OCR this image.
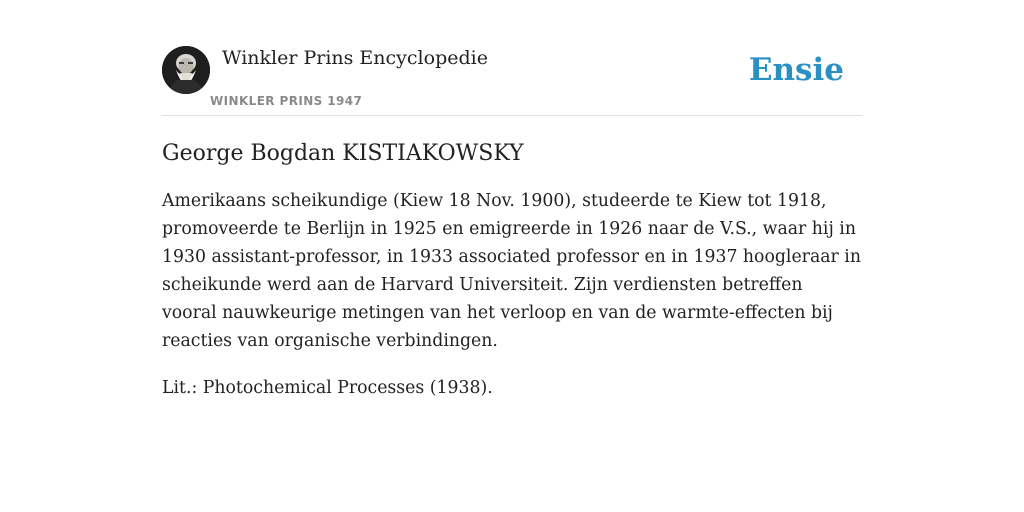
Winkler Prins Encyclopedie
WINKLER PRINS 1947
Ensie
George Bogdan KISTIAKOWSKY

Amerikaans scheikundige (Kiew 18 Nov. 1900), studeerde te Kiew tot 1918, promoveerde te Berlijn in 1925 en emigreerde in 1926 naar de V.S., waar hij in 1930 assistant-professor, in 1933 associated professor en in 1937 hoogleraar in scheikunde werd aan de Harvard Universiteit. Zijn verdiensten betreffen vooral nauwkeurige metingen van het verloop en van de warmte-effecten bij reacties van organische verbindingen.

Lit.: Photochemical Processes (1938).
